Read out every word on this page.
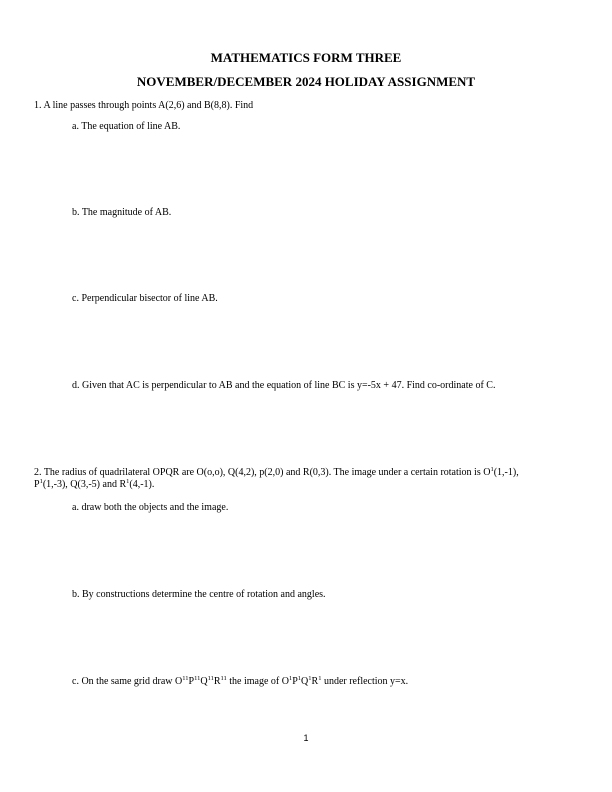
MATHEMATICS FORM THREE
NOVEMBER/DECEMBER 2024 HOLIDAY ASSIGNMENT
1. A line passes through points A(2,6) and B(8,8). Find
a. The equation of line AB.
b. The magnitude of AB.
c. Perpendicular bisector of line AB.
d. Given that AC is perpendicular to AB and the equation of line BC is y=-5x + 47. Find co-ordinate of C.
2. The radius of quadrilateral OPQR are O(o,o), Q(4,2), p(2,0) and R(0,3). The image under a certain rotation is $O^1(1,-1)$,
$P^1(1,-3)$, Q(3,-5) and $R^1(4,-1)$.
a. draw both the objects and the image.
b. By constructions determine the centre of rotation and angles.
c. On the same grid draw $O^{11}P^{11}Q^{11}R^{11}$ the image of $O^1P^1Q^1R^1$ under reflection y=x.
1
